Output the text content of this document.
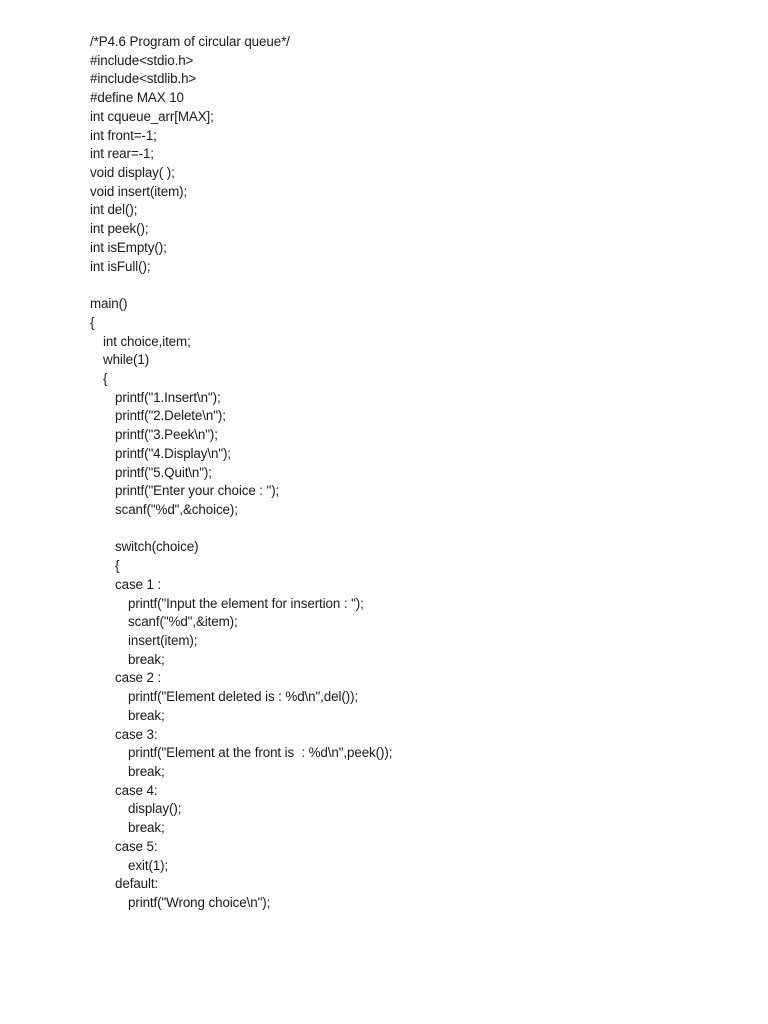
/*P4.6 Program of circular queue*/
#include<stdio.h>
#include<stdlib.h>
#define MAX 10
int cqueue_arr[MAX];
int front=-1;
int rear=-1;
void display( );
void insert(item);
int del();
int peek();
int isEmpty();
int isFull();
main()
{
int choice,item;
while(1)
{
printf("1.Insert\n");
printf("2.Delete\n");
printf("3.Peek\n");
printf("4.Display\n");
printf("5.Quit\n");
printf("Enter your choice : ");
scanf("%d",&choice);
switch(choice)
{
case 1 :
printf("Input the element for insertion : ");
scanf("%d",&item);
insert(item);
break;
case 2 :
printf("Element deleted is : %d\n",del());
break;
case 3:
printf("Element at the front is  : %d\n",peek());
break;
case 4:
display();
break;
case 5:
exit(1);
default:
printf("Wrong choice\n");
